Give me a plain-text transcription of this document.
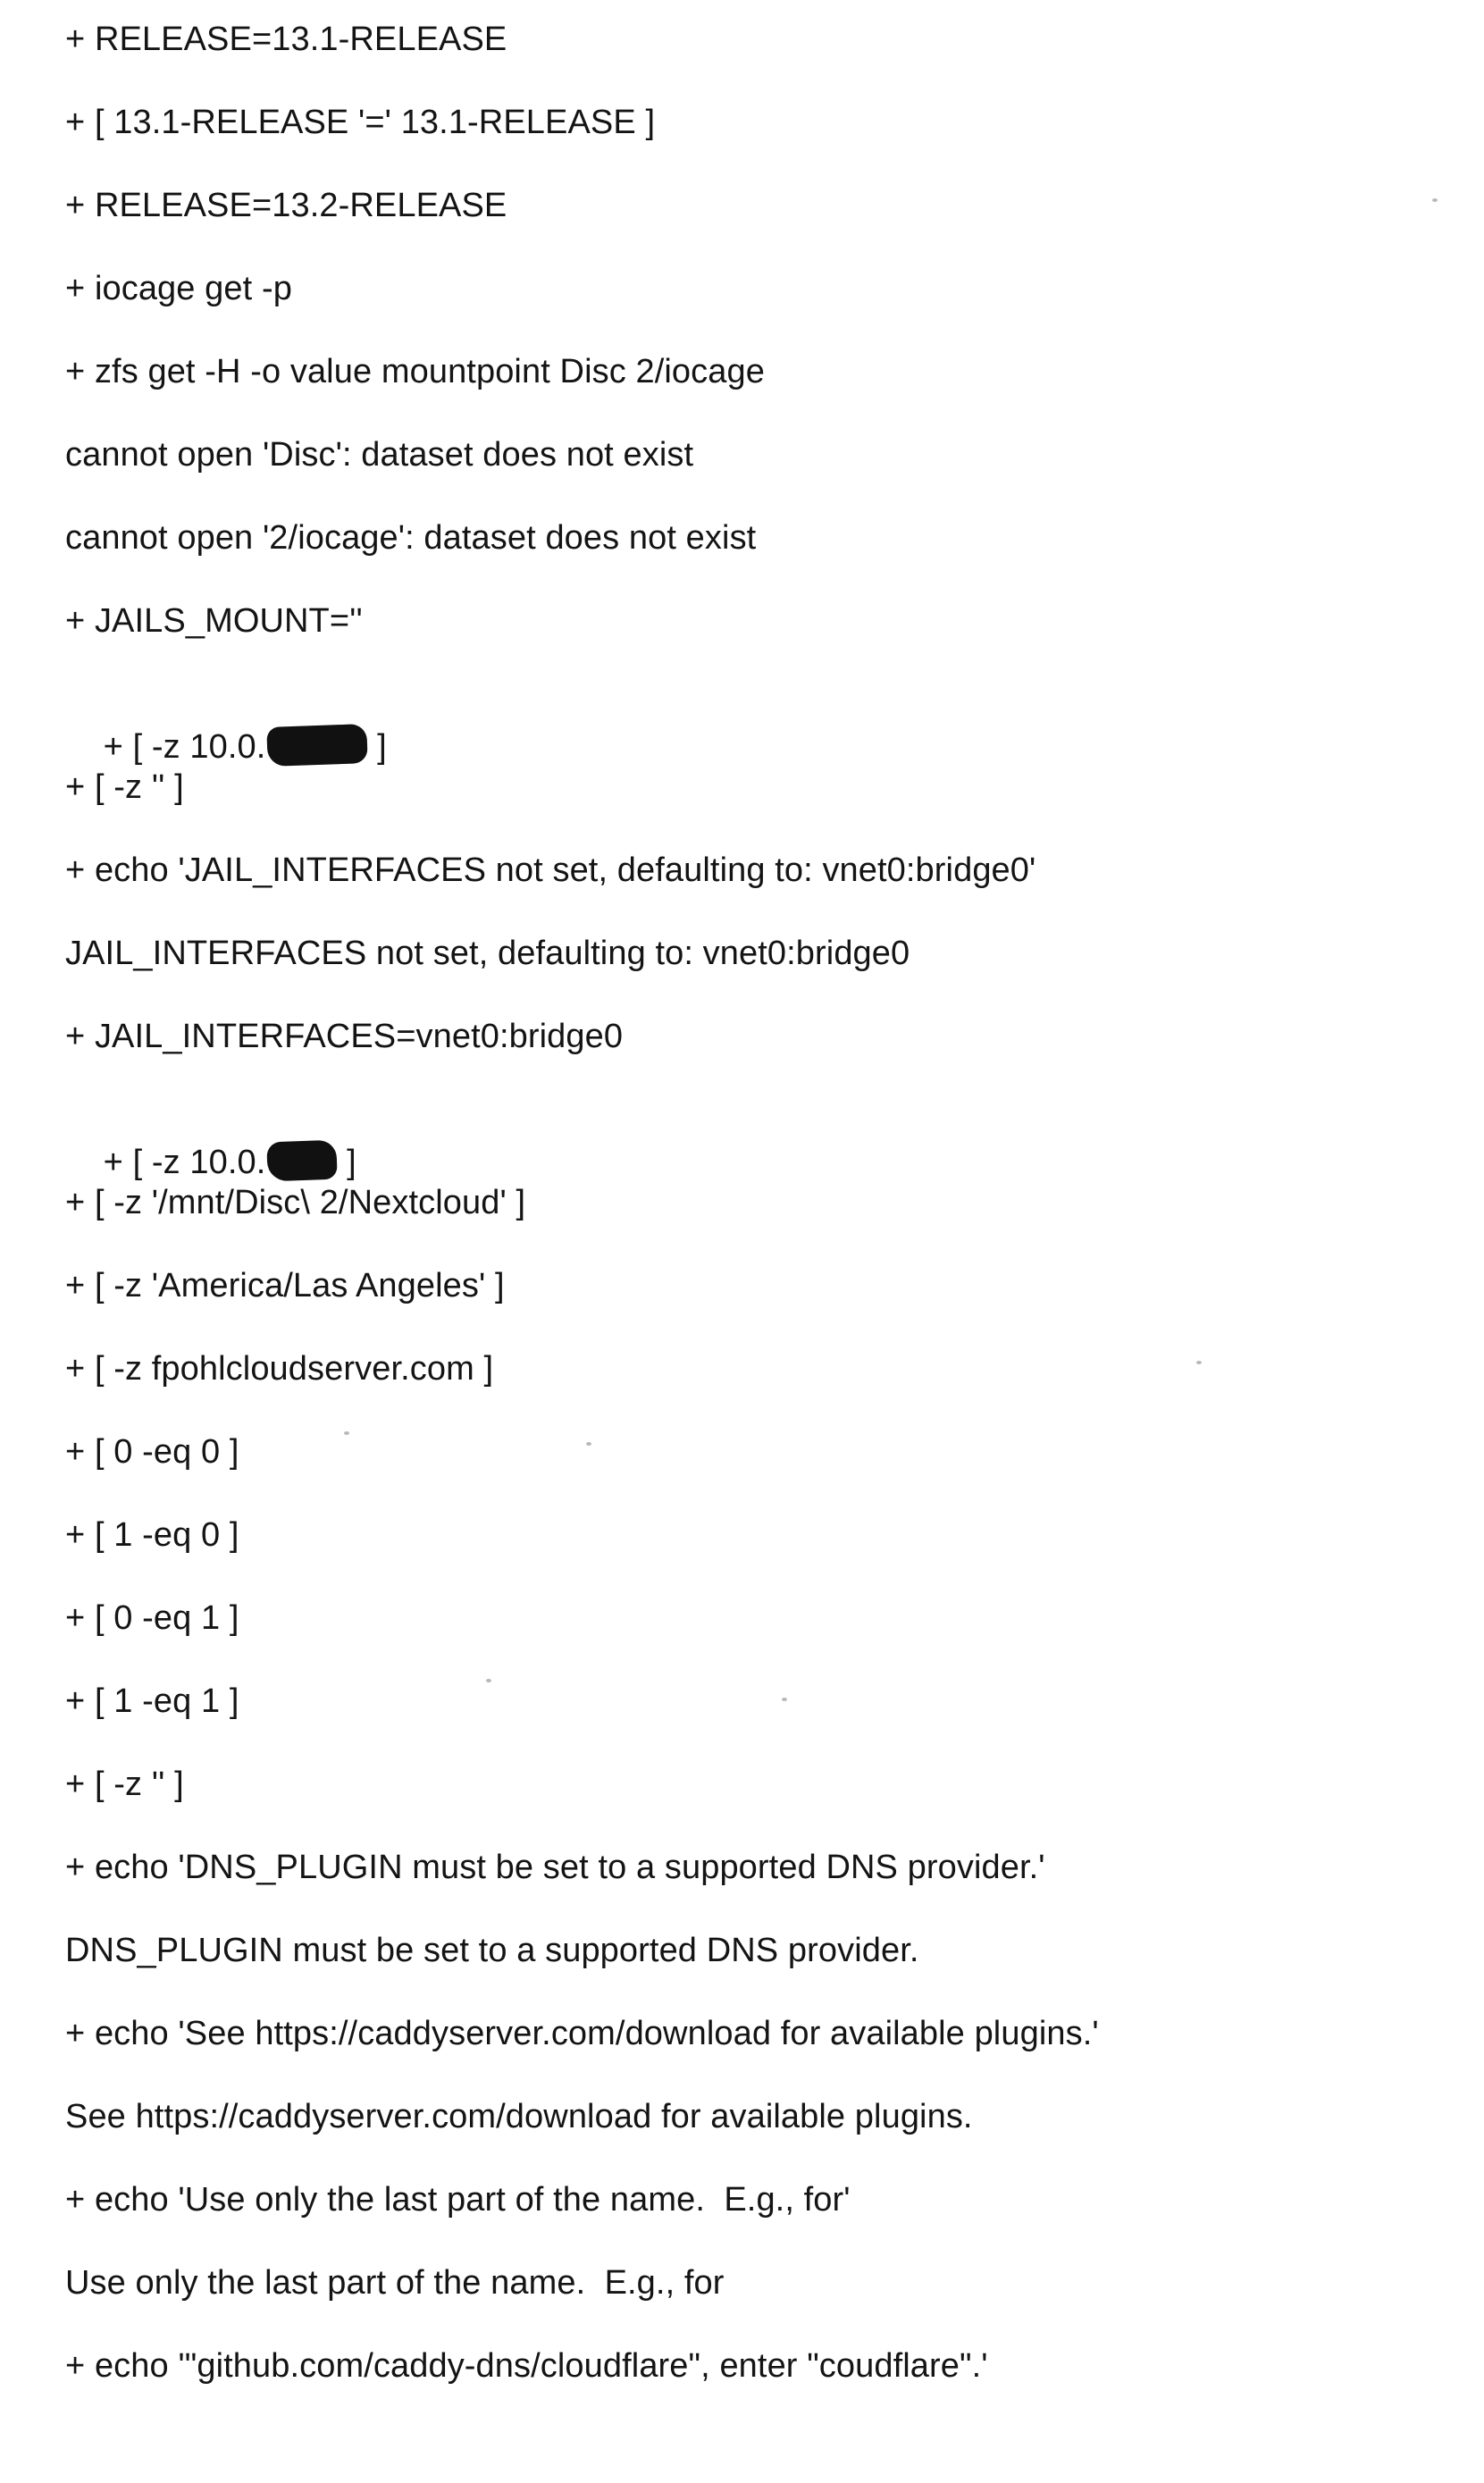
+ RELEASE=13.1-RELEASE
+ [ 13.1-RELEASE '=' 13.1-RELEASE ]
+ RELEASE=13.2-RELEASE
+ iocage get -p
+ zfs get -H -o value mountpoint Disc 2/iocage
cannot open 'Disc': dataset does not exist
cannot open '2/iocage': dataset does not exist
+ JAILS_MOUNT=''

+ [ -z 10.0.	]

+ [ -z '' ]
+ echo 'JAIL_INTERFACES not set, defaulting to: vnet0:bridge0'
JAIL_INTERFACES not set, defaulting to: vnet0:bridge0
+ JAIL_INTERFACES=vnet0:bridge0

+ [ -z 10.0. ]

+ [ -z '/mnt/Disc\ 2/Nextcloud' ]
+ [ -z 'America/Las Angeles' ]
+ [ -z fpohlcloudserver.com ]
+ [ 0 -eq 0 ]
+ [ 1 -eq 0 ]
+ [ 0 -eq 1 ]
+ [ 1 -eq 1 ]
+ [ -z '' ]
+ echo 'DNS_PLUGIN must be set to a supported DNS provider.'
DNS_PLUGIN must be set to a supported DNS provider.
+ echo 'See https://caddyserver.com/download for available plugins.'
See https://caddyserver.com/download for available plugins.
+ echo 'Use only the last part of the name.  E.g., for'
Use only the last part of the name.  E.g., for
+ echo '"github.com/caddy-dns/cloudflare", enter "coudflare".'
